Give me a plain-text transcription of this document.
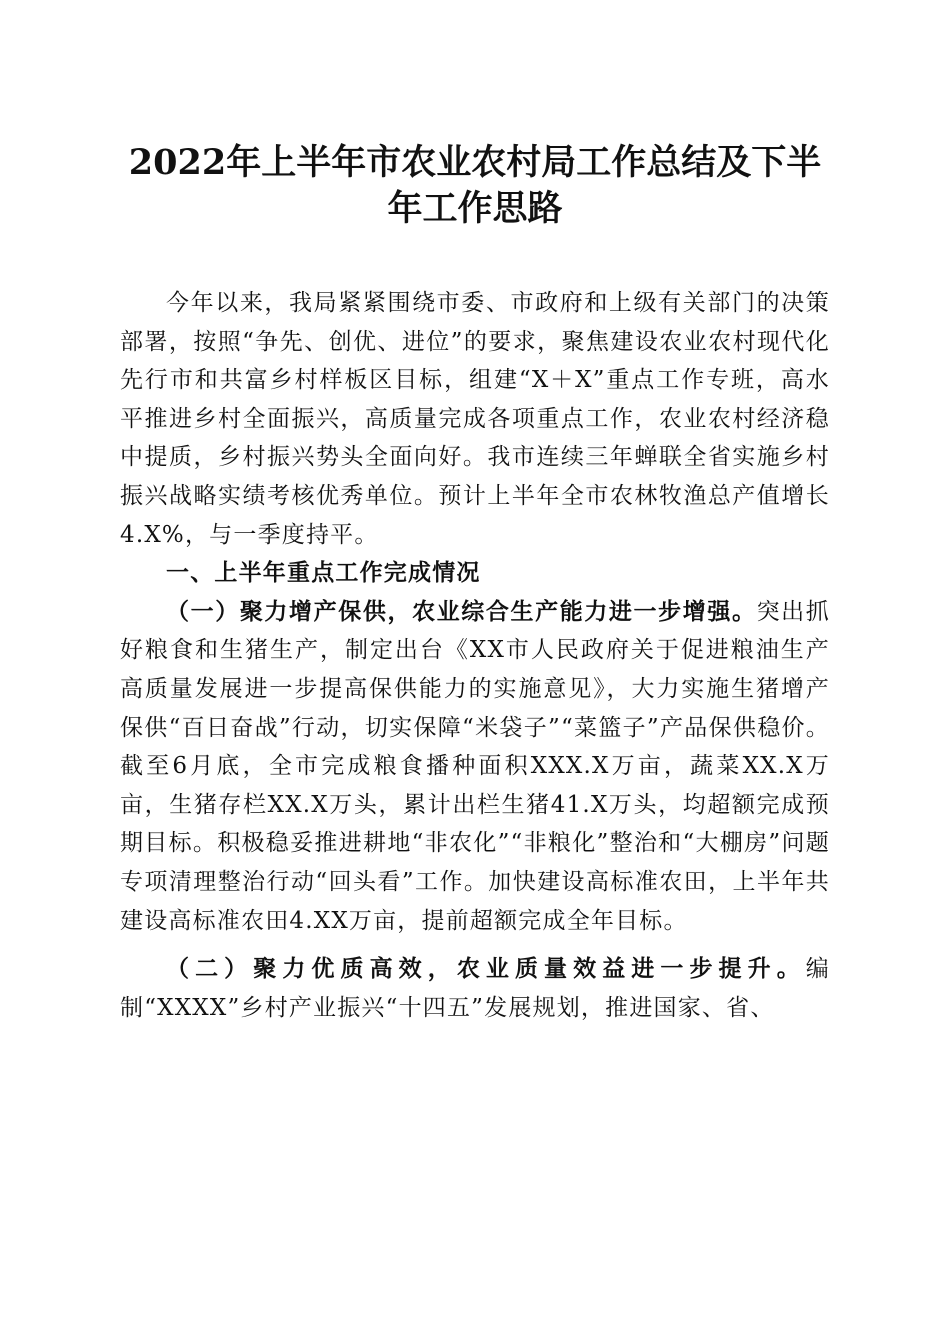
2022年上半年市农业农村局工作总结及下半
年工作思路

今年以来，我局紧紧围绕市委、市政府和上级有关部门的决策部署，按照“争先、创优、进位”的要求，聚焦建设农业农村现代化先行市和共富乡村样板区目标，组建“X＋X”重点工作专班，高水平推进乡村全面振兴，高质量完成各项重点工作，农业农村经济稳中提质，乡村振兴势头全面向好。我市连续三年蝉联全省实施乡村振兴战略实绩考核优秀单位。预计上半年全市农林牧渔总产值增长4.X%，与一季度持平。

一、上半年重点工作完成情况

（一）聚力增产保供，农业综合生产能力进一步增强。突出抓好粮食和生猪生产，制定出台《XX市人民政府关于促进粮油生产高质量发展进一步提高保供能力的实施意见》，大力实施生猪增产保供“百日奋战”行动，切实保障“米袋子”“菜篮子”产品保供稳价。截至6月底，全市完成粮食播种面积XXX.X万亩，蔬菜XX.X万亩，生猪存栏XX.X万头，累计出栏生猪41.X万头，均超额完成预期目标。积极稳妥推进耕地“非农化”“非粮化”整治和“大棚房”问题专项清理整治行动“回头看”工作。加快建设高标准农田，上半年共建设高标准农田4.XX万亩，提前超额完成全年目标。

（二）聚力优质高效，农业质量效益进一步提升。编制“XXXX”乡村产业振兴“十四五”发展规划，推进国家、省、
